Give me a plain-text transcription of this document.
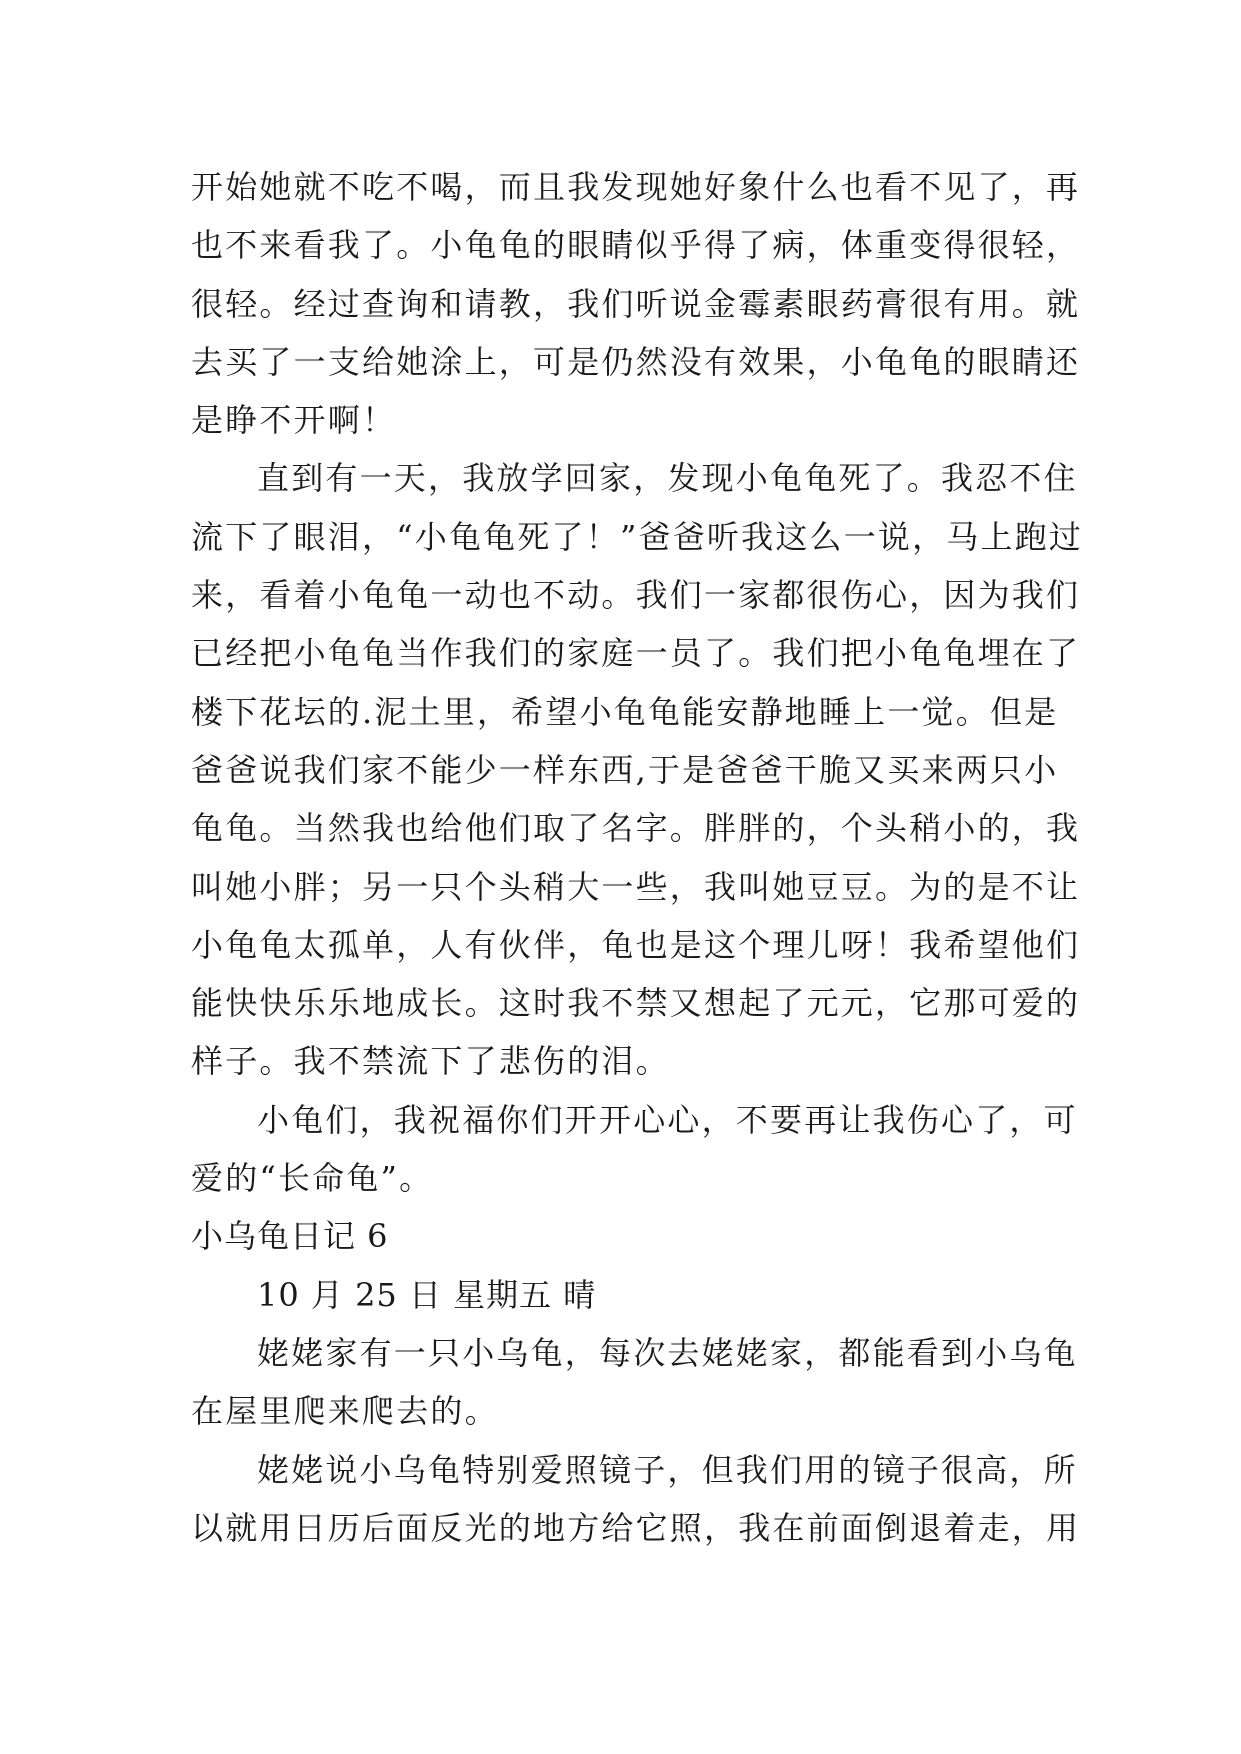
开始她就不吃不喝，而且我发现她好象什么也看不见了，再
也不来看我了。小龟龟的眼睛似乎得了病，体重变得很轻，
很轻。经过查询和请教，我们听说金霉素眼药膏很有用。就
去买了一支给她涂上，可是仍然没有效果，小龟龟的眼睛还
是睁不开啊！
直到有一天，我放学回家，发现小龟龟死了。我忍不住
流下了眼泪，“小龟龟死了！”爸爸听我这么一说，马上跑过
来，看着小龟龟一动也不动。我们一家都很伤心，因为我们
已经把小龟龟当作我们的家庭一员了。我们把小龟龟埋在了
楼下花坛的.泥土里，希望小龟龟能安静地睡上一觉。但是
爸爸说我们家不能少一样东西,于是爸爸干脆又买来两只小
龟龟。当然我也给他们取了名字。胖胖的，个头稍小的，我
叫她小胖；另一只个头稍大一些，我叫她豆豆。为的是不让
小龟龟太孤单，人有伙伴，龟也是这个理儿呀！我希望他们
能快快乐乐地成长。这时我不禁又想起了元元，它那可爱的
样子。我不禁流下了悲伤的泪。
小龟们，我祝福你们开开心心，不要再让我伤心了，可
爱的“长命龟”。
小乌龟日记 6
10 月 25 日 星期五 晴
姥姥家有一只小乌龟，每次去姥姥家，都能看到小乌龟
在屋里爬来爬去的。
姥姥说小乌龟特别爱照镜子，但我们用的镜子很高，所
以就用日历后面反光的地方给它照，我在前面倒退着走，用
